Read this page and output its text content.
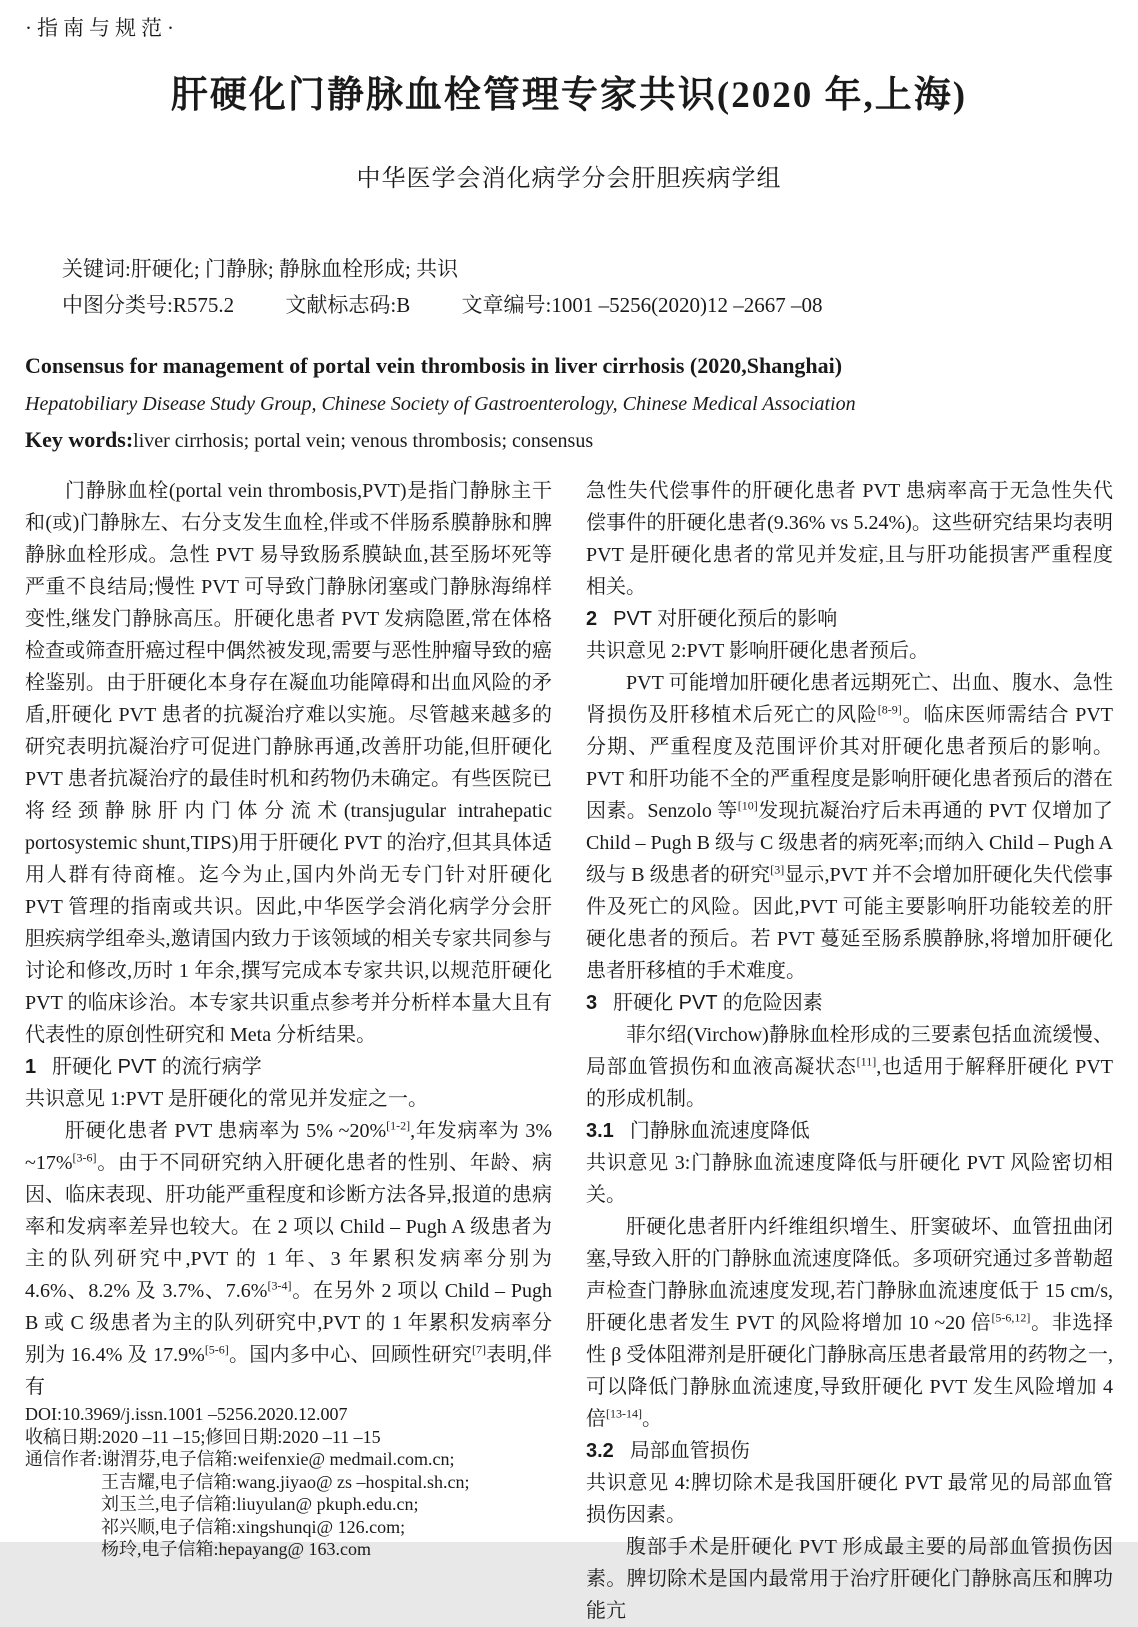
·指南与规范·
肝硬化门静脉血栓管理专家共识(2020 年,上海)
中华医学会消化病学分会肝胆疾病学组
关键词:肝硬化; 门静脉; 静脉血栓形成; 共识
中图分类号:R575.2 文献标志码:B 文章编号:1001 –5256(2020)12 –2667 –08
Consensus for management of portal vein thrombosis in liver cirrhosis (2020,Shanghai)
Hepatobiliary Disease Study Group, Chinese Society of Gastroenterology, Chinese Medical Association
Key words:liver cirrhosis; portal vein; venous thrombosis; consensus

门静脉血栓(portal vein thrombosis,PVT)是指门静脉主干和(或)门静脉左、右分支发生血栓,伴或不伴肠系膜静脉和脾静脉血栓形成。急性 PVT 易导致肠系膜缺血,甚至肠坏死等严重不良结局;慢性 PVT 可导致门静脉闭塞或门静脉海绵样变性,继发门静脉高压。肝硬化患者 PVT 发病隐匿,常在体格检查或筛查肝癌过程中偶然被发现,需要与恶性肿瘤导致的癌栓鉴别。由于肝硬化本身存在凝血功能障碍和出血风险的矛盾,肝硬化 PVT 患者的抗凝治疗难以实施。尽管越来越多的研究表明抗凝治疗可促进门静脉再通,改善肝功能,但肝硬化 PVT 患者抗凝治疗的最佳时机和药物仍未确定。有些医院已将经颈静脉肝内门体分流术(transjugular intrahepatic portosystemic shunt,TIPS)用于肝硬化 PVT 的治疗,但其具体适用人群有待商榷。迄今为止,国内外尚无专门针对肝硬化 PVT 管理的指南或共识。因此,中华医学会消化病学分会肝胆疾病学组牵头,邀请国内致力于该领域的相关专家共同参与讨论和修改,历时 1 年余,撰写完成本专家共识,以规范肝硬化 PVT 的临床诊治。本专家共识重点参考并分析样本量大且有代表性的原创性研究和 Meta 分析结果。

1 肝硬化 PVT 的流行病学

共识意见 1:PVT 是肝硬化的常见并发症之一。

肝硬化患者 PVT 患病率为 5% ~20%[1-2],年发病率为 3% ~17%[3-6]。由于不同研究纳入肝硬化患者的性别、年龄、病因、临床表现、肝功能严重程度和诊断方法各异,报道的患病率和发病率差异也较大。在 2 项以 Child – Pugh A 级患者为主的队列研究中,PVT 的 1 年、3 年累积发病率分别为 4.6%、8.2% 及 3.7%、7.6%[3-4]。在另外 2 项以 Child – Pugh B 或 C 级患者为主的队列研究中,PVT 的 1 年累积发病率分别为 16.4% 及 17.9%[5-6]。国内多中心、回顾性研究[7]表明,伴有

DOI:10.3969/j.issn.1001 –5256.2020.12.007
收稿日期:2020 –11 –15;修回日期:2020 –11 –15
通信作者:谢渭芬,电子信箱:weifenxie@ medmail.com.cn;
王吉耀,电子信箱:wang.jiyao@ zs –hospital.sh.cn;
刘玉兰,电子信箱:liuyulan@ pkuph.edu.cn;
祁兴顺,电子信箱:xingshunqi@ 126.com;
杨玲,电子信箱:hepayang@ 163.com

急性失代偿事件的肝硬化患者 PVT 患病率高于无急性失代偿事件的肝硬化患者(9.36% vs 5.24%)。这些研究结果均表明 PVT 是肝硬化患者的常见并发症,且与肝功能损害严重程度相关。

2 PVT 对肝硬化预后的影响

共识意见 2:PVT 影响肝硬化患者预后。

PVT 可能增加肝硬化患者远期死亡、出血、腹水、急性肾损伤及肝移植术后死亡的风险[8-9]。临床医师需结合 PVT 分期、严重程度及范围评价其对肝硬化患者预后的影响。PVT 和肝功能不全的严重程度是影响肝硬化患者预后的潜在因素。Senzolo 等[10]发现抗凝治疗后未再通的 PVT 仅增加了 Child – Pugh B 级与 C 级患者的病死率;而纳入 Child – Pugh A 级与 B 级患者的研究[3]显示,PVT 并不会增加肝硬化失代偿事件及死亡的风险。因此,PVT 可能主要影响肝功能较差的肝硬化患者的预后。若 PVT 蔓延至肠系膜静脉,将增加肝硬化患者肝移植的手术难度。

3 肝硬化 PVT 的危险因素

菲尔绍(Virchow)静脉血栓形成的三要素包括血流缓慢、局部血管损伤和血液高凝状态[11],也适用于解释肝硬化 PVT 的形成机制。

3.1 门静脉血流速度降低

共识意见 3:门静脉血流速度降低与肝硬化 PVT 风险密切相关。

肝硬化患者肝内纤维组织增生、肝窦破坏、血管扭曲闭塞,导致入肝的门静脉血流速度降低。多项研究通过多普勒超声检查门静脉血流速度发现,若门静脉血流速度低于 15 cm/s,肝硬化患者发生 PVT 的风险将增加 10 ~20 倍[5-6,12]。非选择性 β 受体阻滞剂是肝硬化门静脉高压患者最常用的药物之一,可以降低门静脉血流速度,导致肝硬化 PVT 发生风险增加 4 倍[13-14]。

3.2 局部血管损伤

共识意见 4:脾切除术是我国肝硬化 PVT 最常见的局部血管损伤因素。

腹部手术是肝硬化 PVT 形成最主要的局部血管损伤因素。脾切除术是国内最常用于治疗肝硬化门静脉高压和脾功能亢
